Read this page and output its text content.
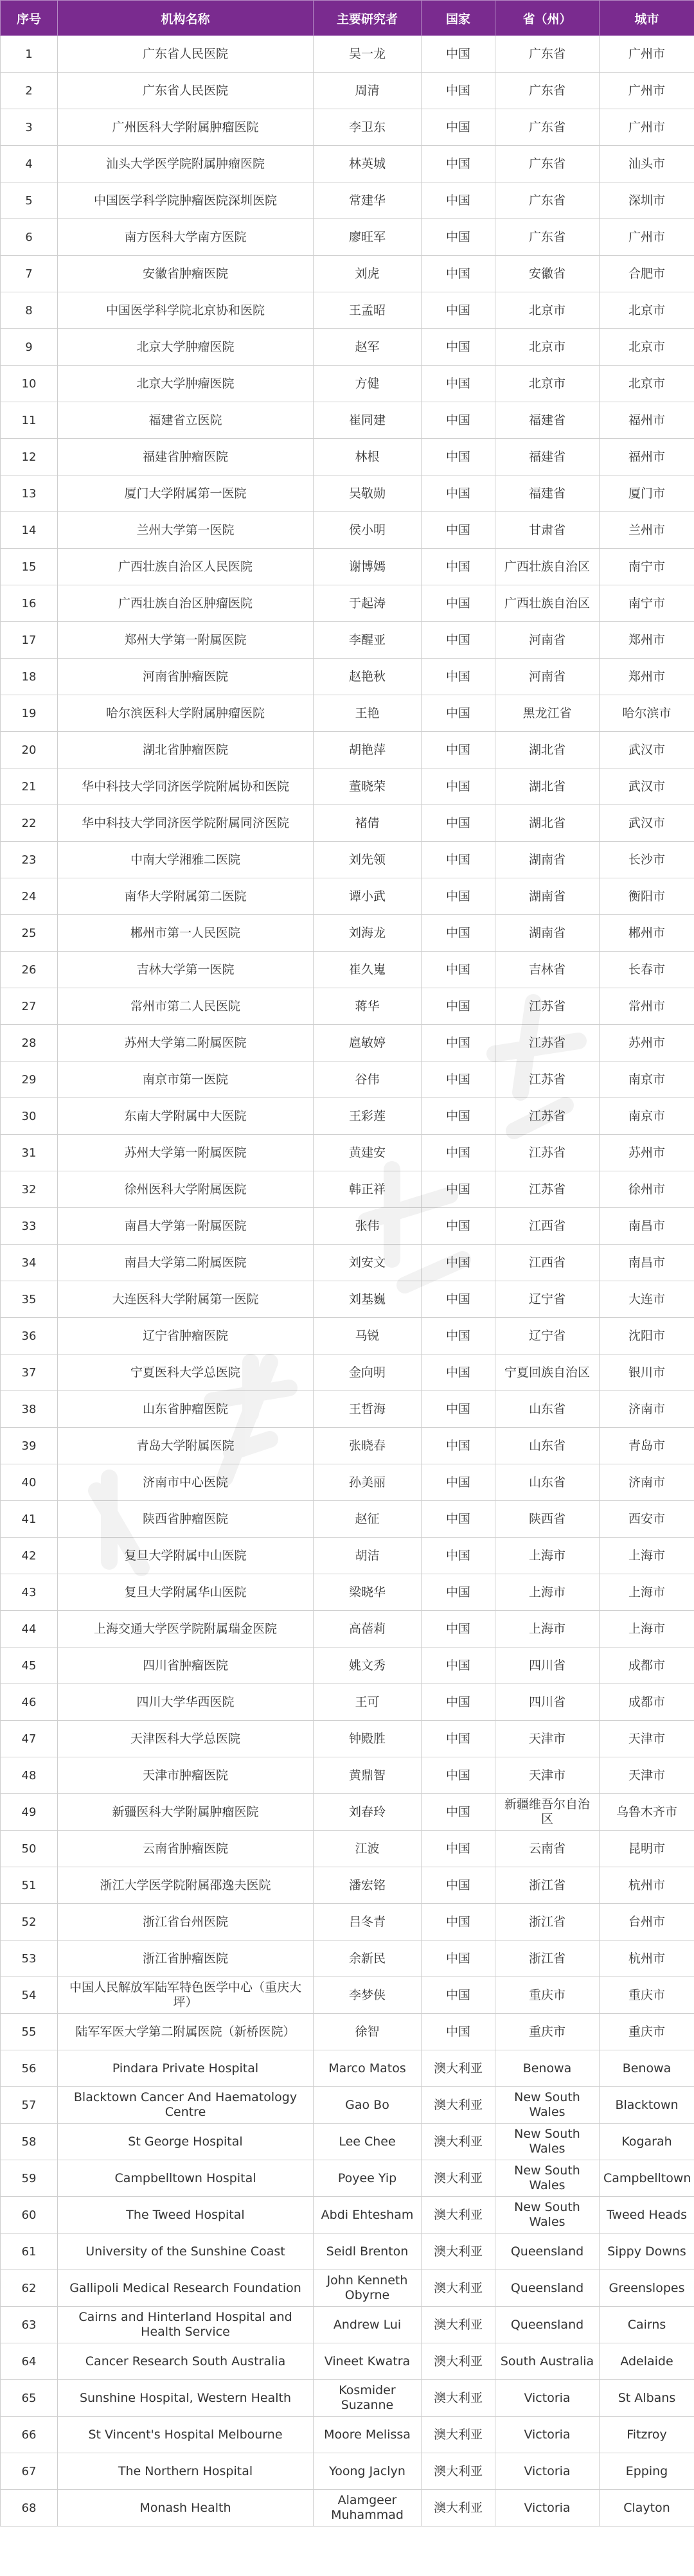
序号	机构名称	主要研究者	国家	省（州）	城市
1	广东省人民医院	吴一龙	中国	广东省	广州市
2	广东省人民医院	周清	中国	广东省	广州市
3	广州医科大学附属肿瘤医院	李卫东	中国	广东省	广州市
4	汕头大学医学院附属肿瘤医院	林英城	中国	广东省	汕头市
5	中国医学科学院肿瘤医院深圳医院	常建华	中国	广东省	深圳市
6	南方医科大学南方医院	廖旺军	中国	广东省	广州市
7	安徽省肿瘤医院	刘虎	中国	安徽省	合肥市
8	中国医学科学院北京协和医院	王孟昭	中国	北京市	北京市
9	北京大学肿瘤医院	赵军	中国	北京市	北京市
10	北京大学肿瘤医院	方健	中国	北京市	北京市
11	福建省立医院	崔同建	中国	福建省	福州市
12	福建省肿瘤医院	林根	中国	福建省	福州市
13	厦门大学附属第一医院	吴敬勋	中国	福建省	厦门市
14	兰州大学第一医院	侯小明	中国	甘肃省	兰州市
15	广西壮族自治区人民医院	谢博嫣	中国	广西壮族自治区	南宁市
16	广西壮族自治区肿瘤医院	于起涛	中国	广西壮族自治区	南宁市
17	郑州大学第一附属医院	李醒亚	中国	河南省	郑州市
18	河南省肿瘤医院	赵艳秋	中国	河南省	郑州市
19	哈尔滨医科大学附属肿瘤医院	王艳	中国	黑龙江省	哈尔滨市
20	湖北省肿瘤医院	胡艳萍	中国	湖北省	武汉市
21	华中科技大学同济医学院附属协和医院	董晓荣	中国	湖北省	武汉市
22	华中科技大学同济医学院附属同济医院	褚倩	中国	湖北省	武汉市
23	中南大学湘雅二医院	刘先领	中国	湖南省	长沙市
24	南华大学附属第二医院	谭小武	中国	湖南省	衡阳市
25	郴州市第一人民医院	刘海龙	中国	湖南省	郴州市
26	吉林大学第一医院	崔久嵬	中国	吉林省	长春市
27	常州市第二人民医院	蒋华	中国	江苏省	常州市
28	苏州大学第二附属医院	扈敏婷	中国	江苏省	苏州市
29	南京市第一医院	谷伟	中国	江苏省	南京市
30	东南大学附属中大医院	王彩莲	中国	江苏省	南京市
31	苏州大学第一附属医院	黄建安	中国	江苏省	苏州市
32	徐州医科大学附属医院	韩正祥	中国	江苏省	徐州市
33	南昌大学第一附属医院	张伟	中国	江西省	南昌市
34	南昌大学第二附属医院	刘安文	中国	江西省	南昌市
35	大连医科大学附属第一医院	刘基巍	中国	辽宁省	大连市
36	辽宁省肿瘤医院	马锐	中国	辽宁省	沈阳市
37	宁夏医科大学总医院	金向明	中国	宁夏回族自治区	银川市
38	山东省肿瘤医院	王哲海	中国	山东省	济南市
39	青岛大学附属医院	张晓春	中国	山东省	青岛市
40	济南市中心医院	孙美丽	中国	山东省	济南市
41	陕西省肿瘤医院	赵征	中国	陕西省	西安市
42	复旦大学附属中山医院	胡洁	中国	上海市	上海市
43	复旦大学附属华山医院	梁晓华	中国	上海市	上海市
44	上海交通大学医学院附属瑞金医院	高蓓莉	中国	上海市	上海市
45	四川省肿瘤医院	姚文秀	中国	四川省	成都市
46	四川大学华西医院	王可	中国	四川省	成都市
47	天津医科大学总医院	钟殿胜	中国	天津市	天津市
48	天津市肿瘤医院	黄鼎智	中国	天津市	天津市
49	新疆医科大学附属肿瘤医院	刘春玲	中国	新疆维吾尔自治区	乌鲁木齐市
50	云南省肿瘤医院	江波	中国	云南省	昆明市
51	浙江大学医学院附属邵逸夫医院	潘宏铭	中国	浙江省	杭州市
52	浙江省台州医院	吕冬青	中国	浙江省	台州市
53	浙江省肿瘤医院	余新民	中国	浙江省	杭州市
54	中国人民解放军陆军特色医学中心（重庆大坪）	李梦侠	中国	重庆市	重庆市
55	陆军军医大学第二附属医院（新桥医院）	徐智	中国	重庆市	重庆市
56	Pindara Private Hospital	Marco Matos	澳大利亚	Benowa	Benowa
57	Blacktown Cancer And Haematology Centre	Gao Bo	澳大利亚	New South Wales	Blacktown
58	St George Hospital	Lee Chee	澳大利亚	New South Wales	Kogarah
59	Campbelltown Hospital	Poyee Yip	澳大利亚	New South Wales	Campbelltown
60	The Tweed Hospital	Abdi Ehtesham	澳大利亚	New South Wales	Tweed Heads
61	University of the Sunshine Coast	Seidl Brenton	澳大利亚	Queensland	Sippy Downs
62	Gallipoli Medical Research Foundation	John Kenneth Obyrne	澳大利亚	Queensland	Greenslopes
63	Cairns and Hinterland Hospital and Health Service	Andrew Lui	澳大利亚	Queensland	Cairns
64	Cancer Research South Australia	Vineet Kwatra	澳大利亚	South Australia	Adelaide
65	Sunshine Hospital, Western Health	Kosmider Suzanne	澳大利亚	Victoria	St Albans
66	St Vincent's Hospital Melbourne	Moore Melissa	澳大利亚	Victoria	Fitzroy
67	The Northern Hospital	Yoong Jaclyn	澳大利亚	Victoria	Epping
68	Monash Health	Alamgeer Muhammad	澳大利亚	Victoria	Clayton
